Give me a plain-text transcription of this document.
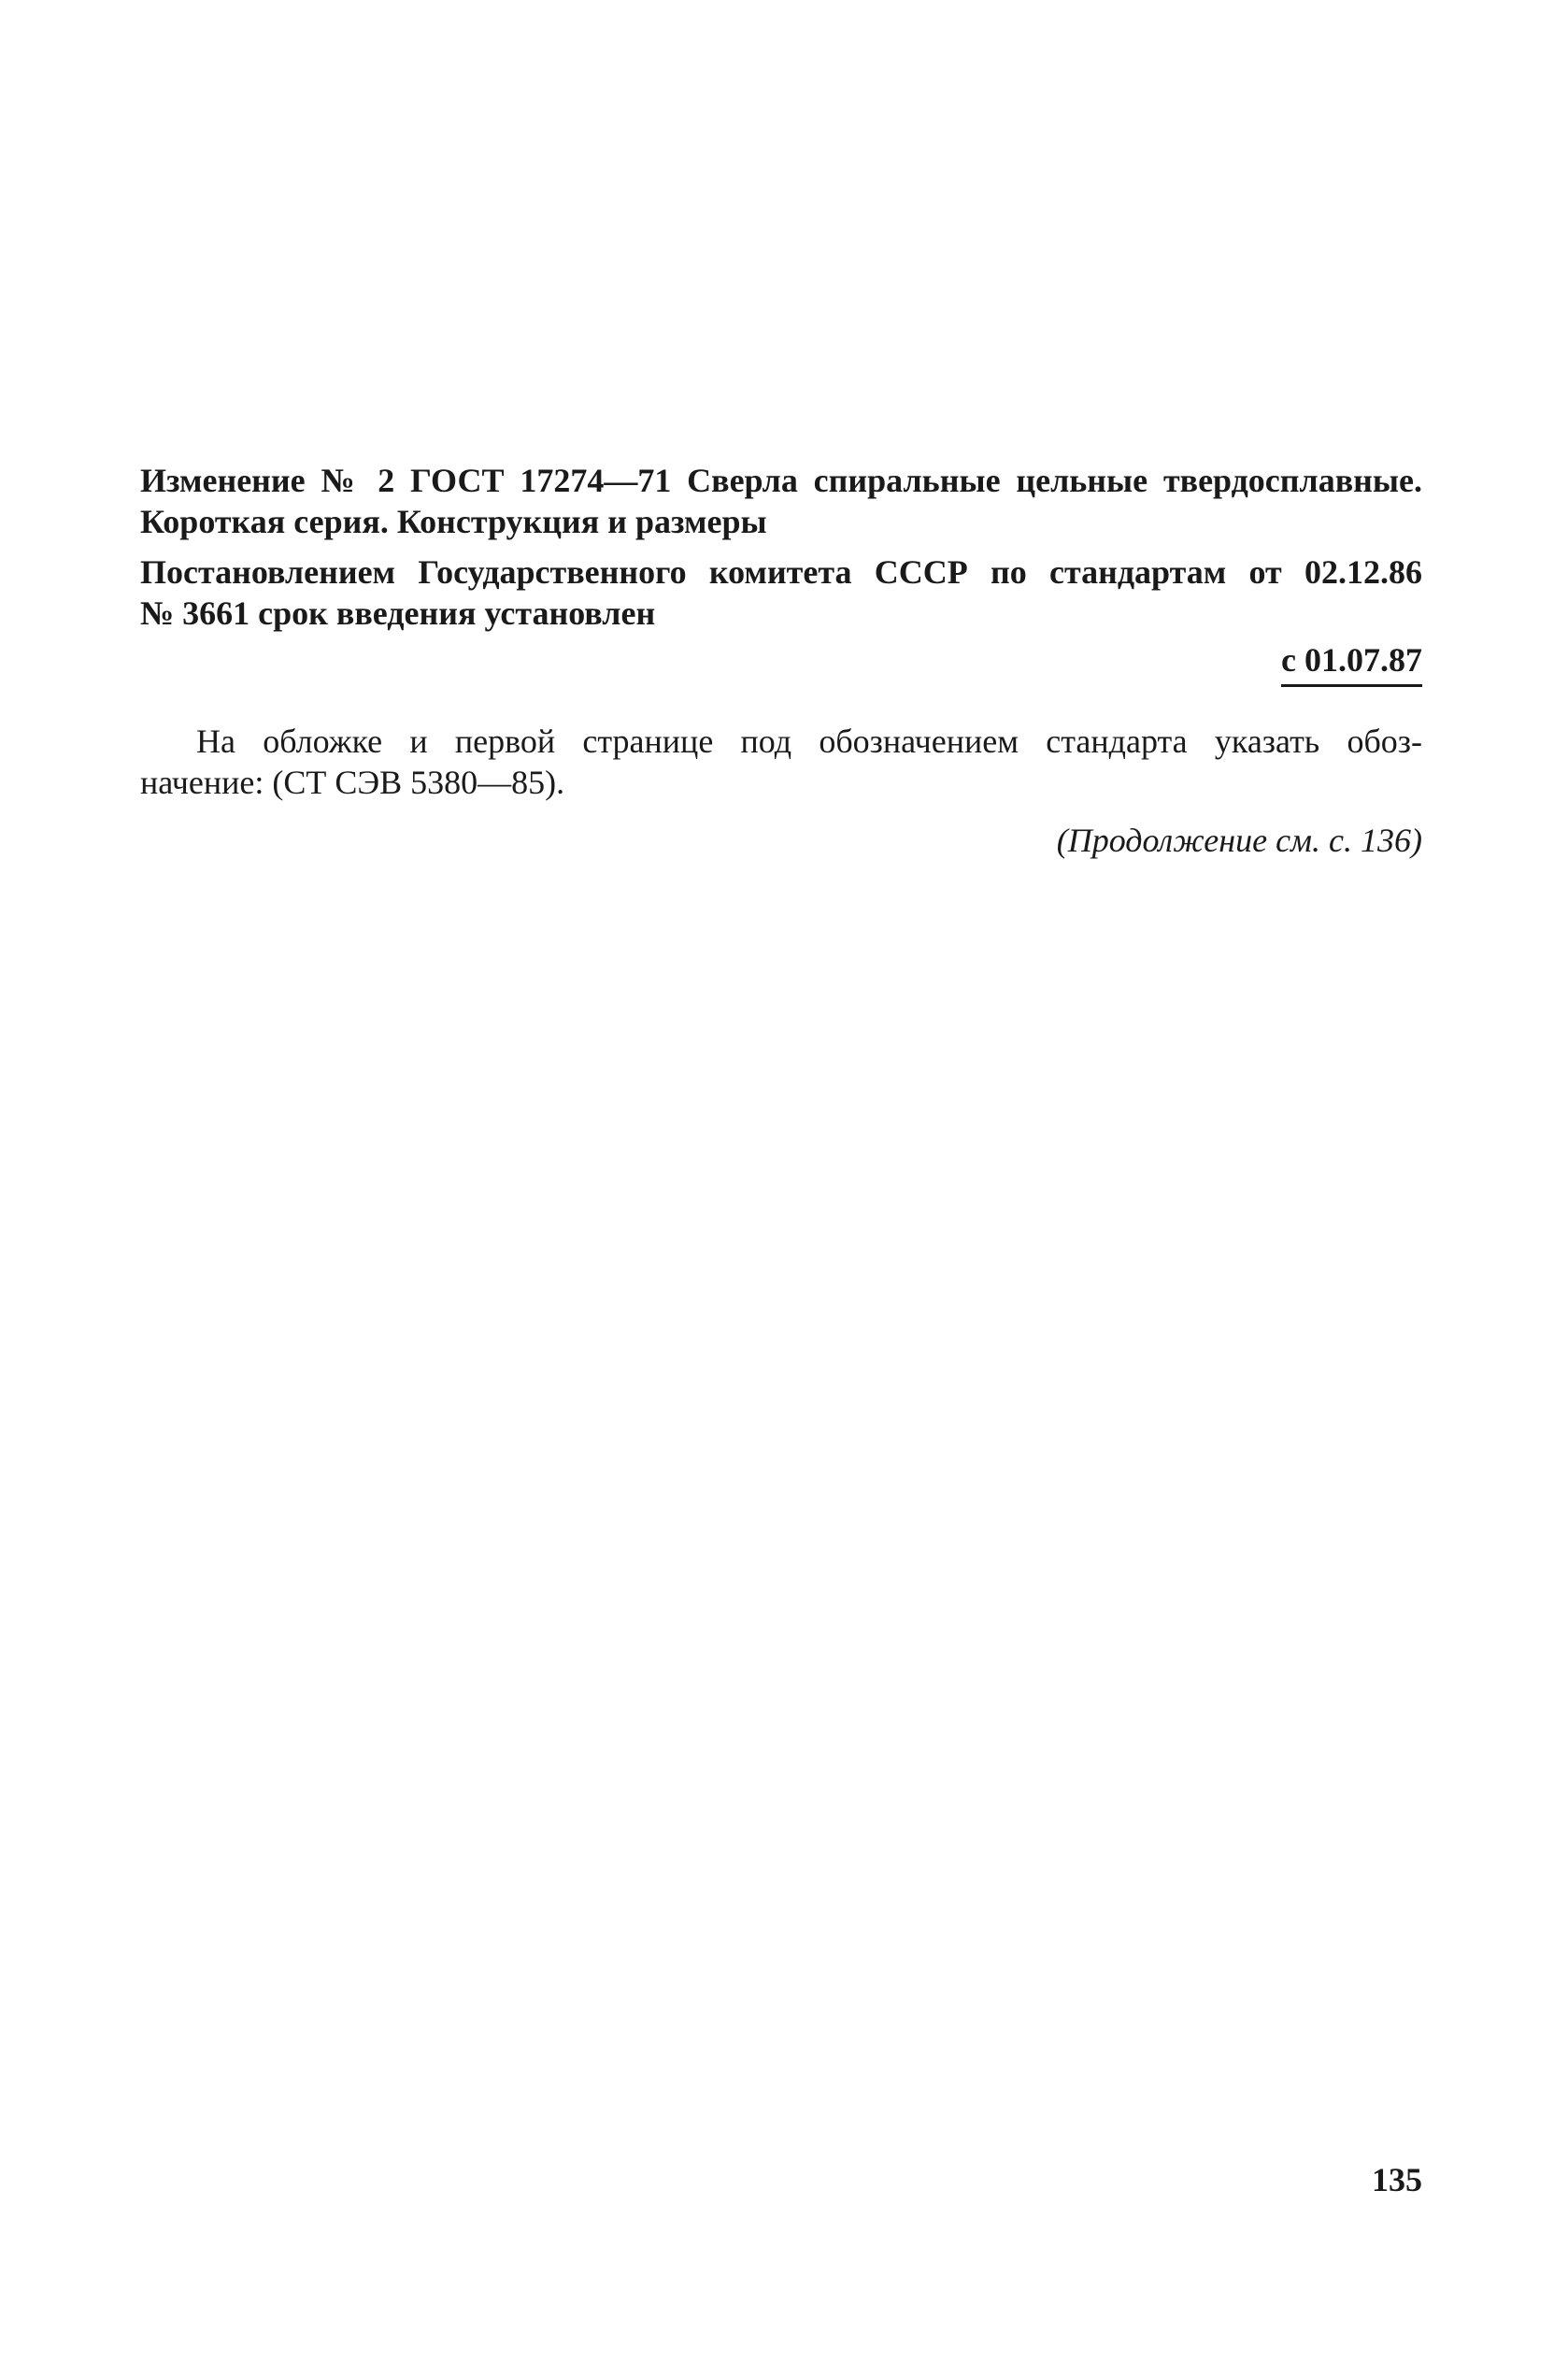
Изменение № 2 ГОСТ 17274—71 Сверла спиральные цельные твердосплавные.
Короткая серия. Конструкция и размеры

Постановлением Государственного комитета СССР по стандартам от 02.12.86
№ 3661 срок введения установлен

с 01.07.87

На обложке и первой странице под обозначением стандарта указать обоз-
начение: (СТ СЭВ 5380—85).

(Продолжение см. с. 136)
135
